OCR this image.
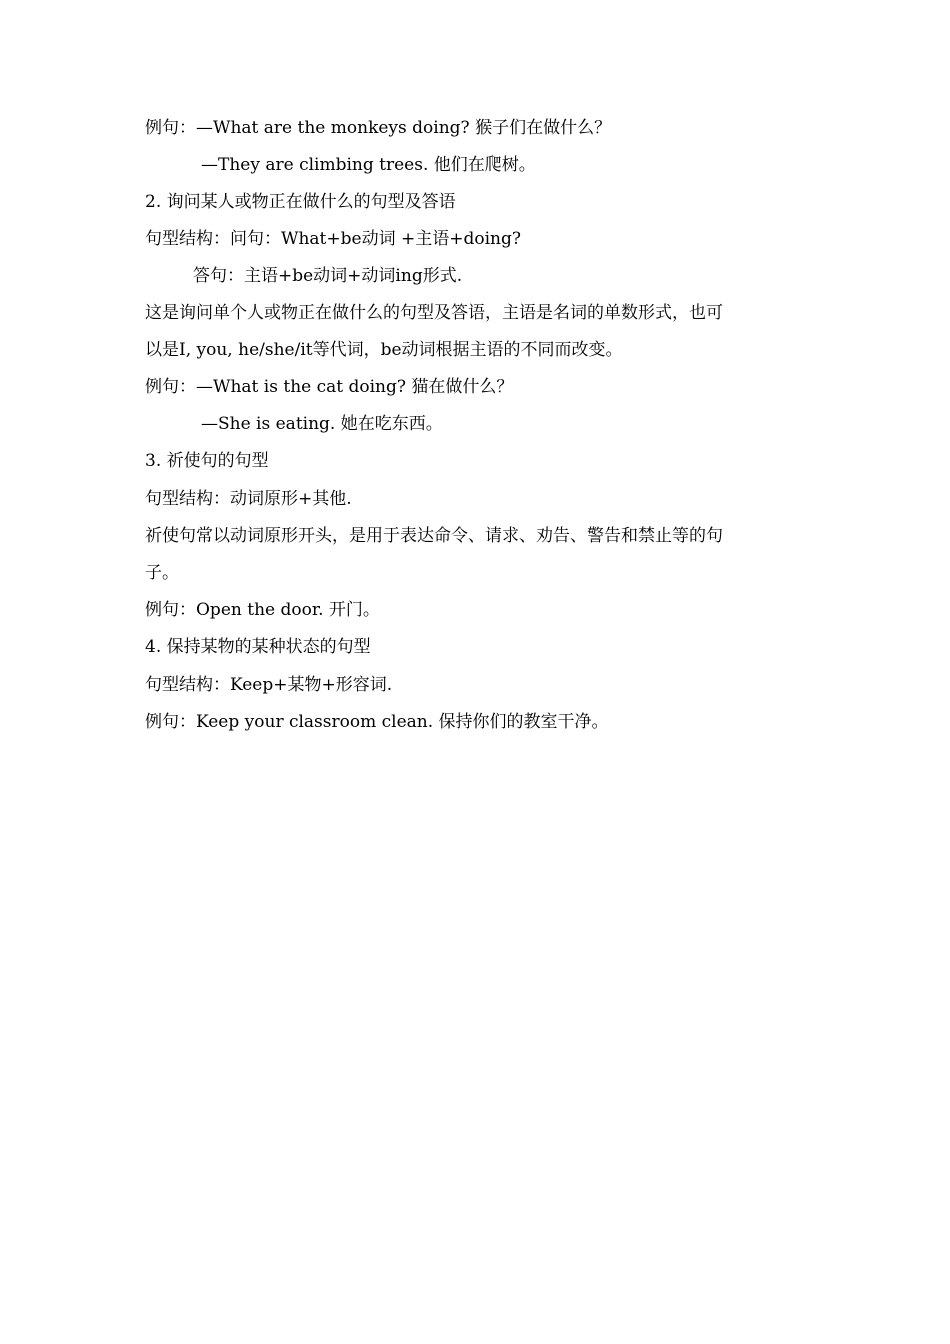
例句：—What are the monkeys doing? 猴子们在做什么？
—They are climbing trees. 他们在爬树。
2. 询问某人或物正在做什么的句型及答语
句型结构：问句：What+be动词 +主语+doing?
答句：主语+be动词+动词ing形式.
这是询问单个人或物正在做什么的句型及答语，主语是名词的单数形式，也可
以是I, you, he/she/it等代词，be动词根据主语的不同而改变。
例句：—What is the cat doing? 猫在做什么？
—She is eating. 她在吃东西。
3. 祈使句的句型
句型结构：动词原形+其他.
祈使句常以动词原形开头，是用于表达命令、请求、劝告、警告和禁止等的句
子。
例句：Open the door. 开门。
4. 保持某物的某种状态的句型
句型结构：Keep+某物+形容词.
例句：Keep your classroom clean. 保持你们的教室干净。
